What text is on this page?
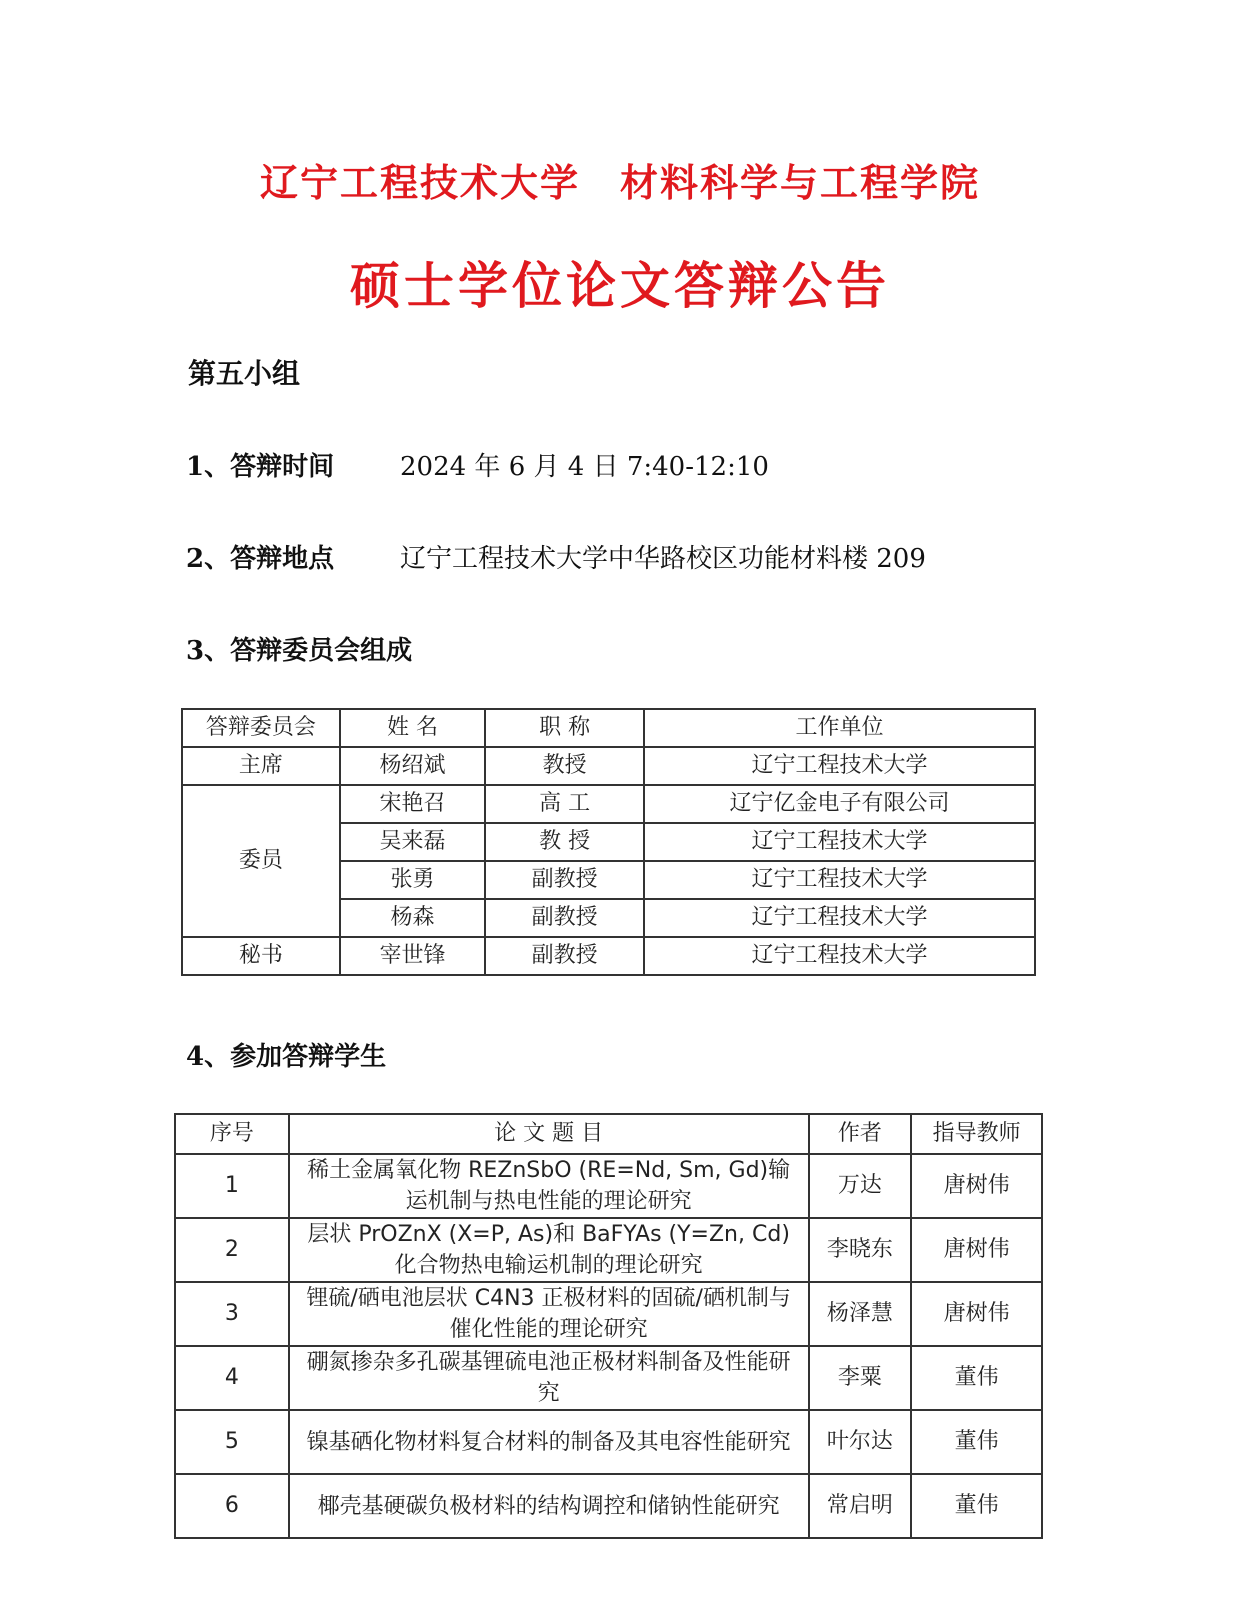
辽宁工程技术大学 材料科学与工程学院
硕士学位论文答辩公告
第五小组
1、答辩时间	2024 年 6 月 4 日 7:40-12:10
2、答辩地点	辽宁工程技术大学中华路校区功能材料楼 209
3、答辩委员会组成
答辩委员会	姓 名	职 称	工作单位
主席	杨绍斌	教授	辽宁工程技术大学
委员	宋艳召	高 工	辽宁亿金电子有限公司
	吴来磊	教 授	辽宁工程技术大学
	张勇	副教授	辽宁工程技术大学
	杨森	副教授	辽宁工程技术大学
秘书	宰世锋	副教授	辽宁工程技术大学
4、参加答辩学生
序号	论 文 题 目	作者	指导教师
1	稀土金属氧化物 REZnSbO (RE=Nd, Sm, Gd)输运机制与热电性能的理论研究	万达	唐树伟
2	层状 PrOZnX (X=P, As)和 BaFYAs (Y=Zn, Cd)化合物热电输运机制的理论研究	李晓东	唐树伟
3	锂硫/硒电池层状 C4N3 正极材料的固硫/硒机制与催化性能的理论研究	杨泽慧	唐树伟
4	硼氮掺杂多孔碳基锂硫电池正极材料制备及性能研究	李粟	董伟
5	镍基硒化物材料复合材料的制备及其电容性能研究	叶尔达	董伟
6	椰壳基硬碳负极材料的结构调控和储钠性能研究	常启明	董伟
